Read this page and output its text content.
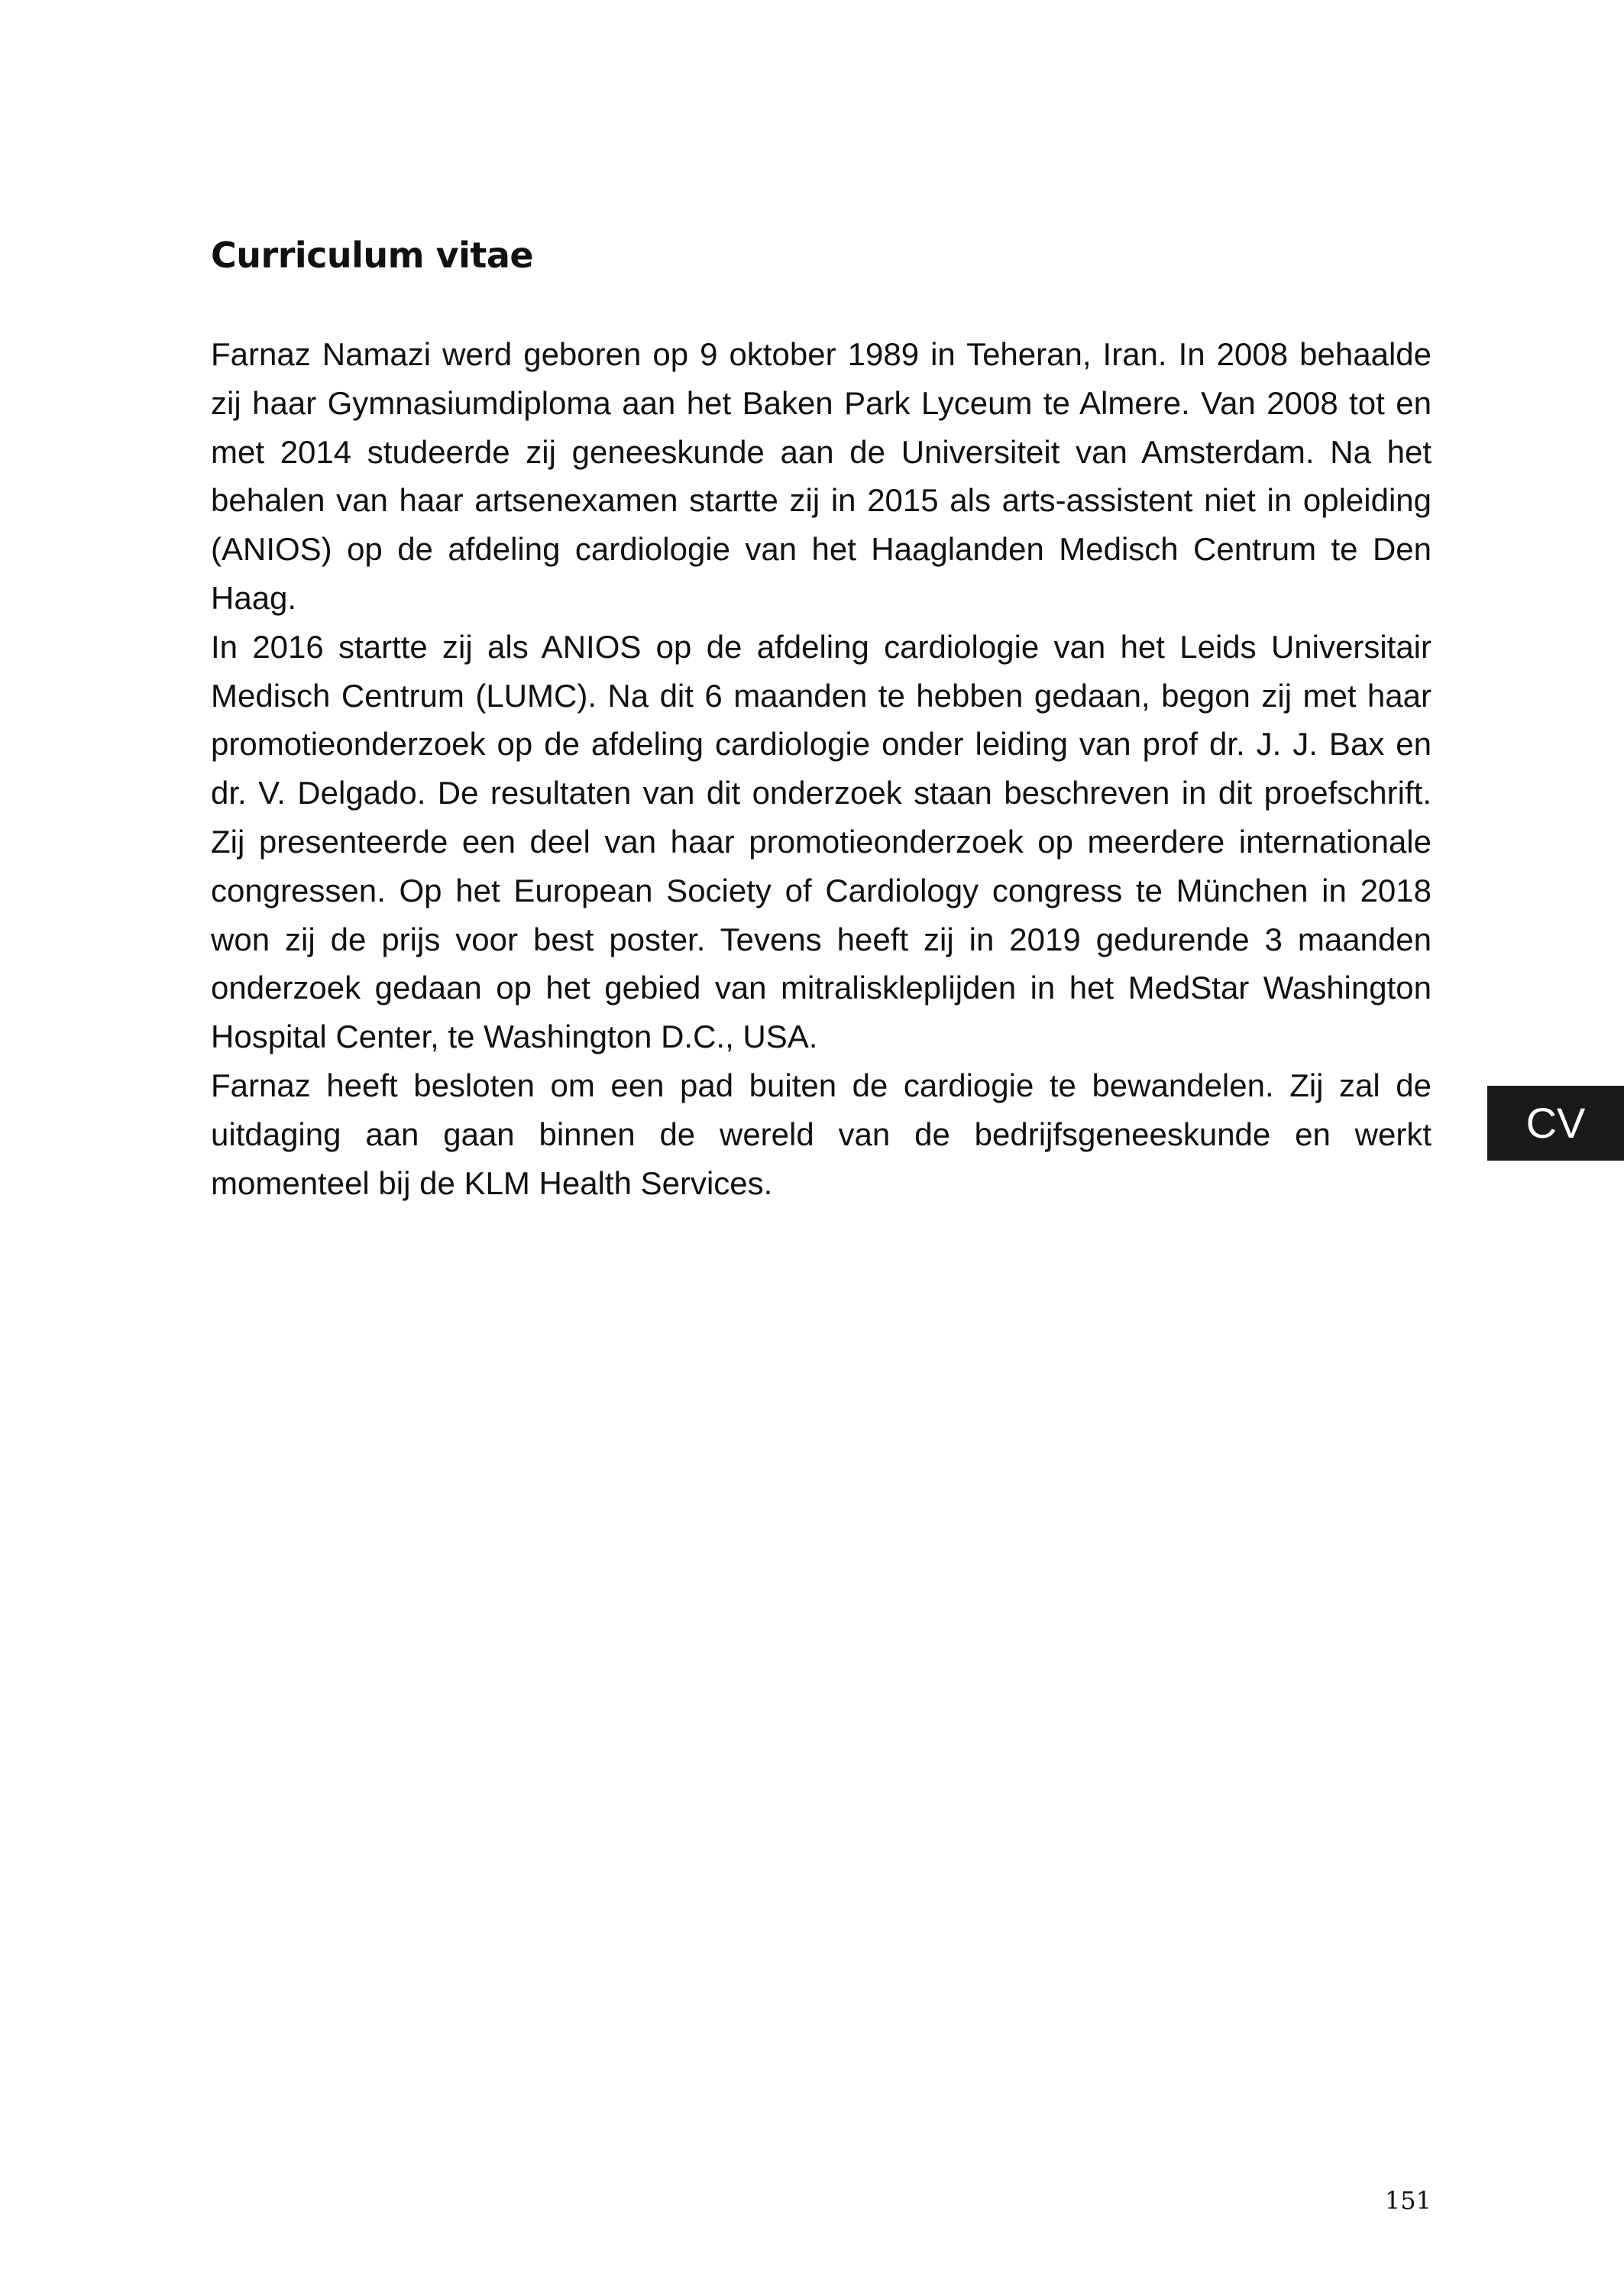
Curriculum vitae

Farnaz Namazi werd geboren op 9 oktober 1989 in Teheran, Iran. In 2008 behaalde zij haar Gymnasiumdiploma aan het Baken Park Lyceum te Almere. Van 2008 tot en met 2014 studeerde zij geneeskunde aan de Universiteit van Amsterdam. Na het behalen van haar artsenexamen startte zij in 2015 als arts-assistent niet in opleiding (ANIOS) op de afdeling cardiologie van het Haaglanden Medisch Centrum te Den Haag.

In 2016 startte zij als ANIOS op de afdeling cardiologie van het Leids Universitair Medisch Centrum (LUMC). Na dit 6 maanden te hebben gedaan, begon zij met haar promotieonderzoek op de afdeling cardiologie onder leiding van prof dr. J. J. Bax en dr. V. Delgado. De resultaten van dit onderzoek staan beschreven in dit proefschrift. Zij presenteerde een deel van haar promotieonderzoek op meerdere internationale congressen. Op het European Society of Cardiology congress te München in 2018 won zij de prijs voor best poster. Tevens heeft zij in 2019 gedurende 3 maanden onderzoek gedaan op het gebied van mitraliskleplijden in het MedStar Washington Hospital Center, te Washington D.C., USA.

Farnaz heeft besloten om een pad buiten de cardiogie te bewandelen. Zij zal de uitdaging aan gaan binnen de wereld van de bedrijfsgeneeskunde en werkt momenteel bij de KLM Health Services.

CV
151
